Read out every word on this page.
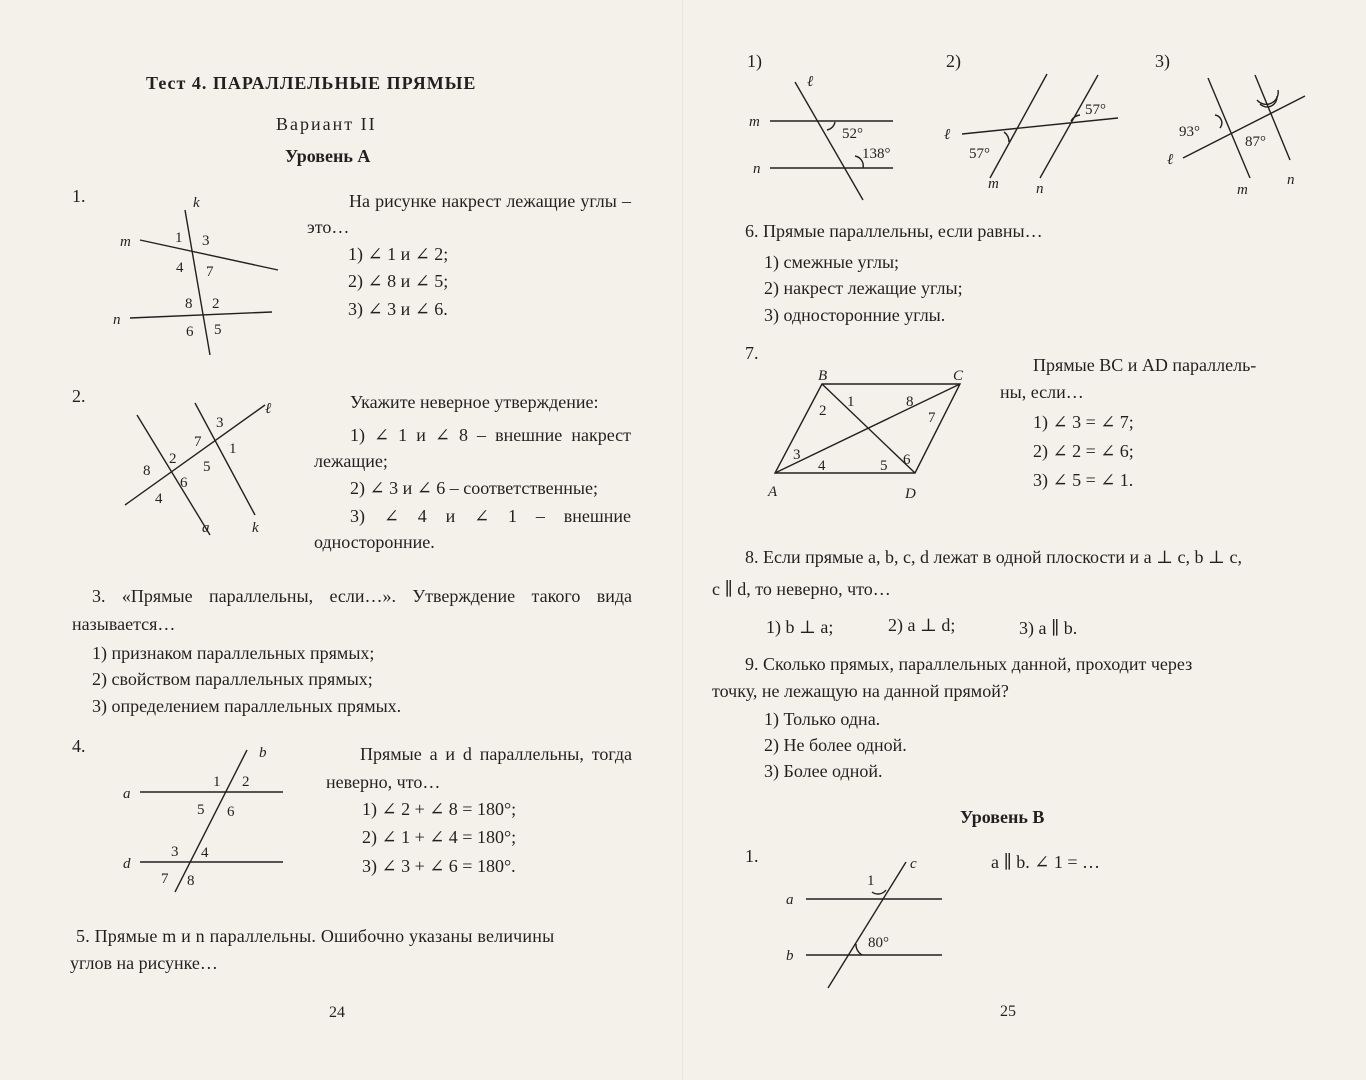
Тест 4. ПАРАЛЛЕЛЬНЫЕ ПРЯМЫЕ
Вариант II
Уровень А
1.	k
m
n
1 3
4 7
8 2
6 5
На рисунке накрест лежащие углы – это…
1) ∠ 1 и ∠ 2;
2) ∠ 8 и ∠ 5;
3) ∠ 3 и ∠ 6.
2.
ℓ
a	k
3
7 1
2 5
8
6
4
Укажите неверное утверждение:
1) ∠ 1 и ∠ 8 – внешние накрест лежащие;
2) ∠ 3 и ∠ 6 – соответственные;
3) ∠ 4 и ∠ 1 – внешние односторонние.
3. «Прямые параллельны, если…». Утверждение такого вида называется…
1) признаком параллельных прямых;
2) свойством параллельных прямых;
3) определением параллельных прямых.
4.	b
a
d
1 2
5 6
3 4
7 8
Прямые a и d параллельны, тогда неверно, что…
1) ∠ 2 + ∠ 8 = 180°;
2) ∠ 1 + ∠ 4 = 180°;
3) ∠ 3 + ∠ 6 = 180°.
5. Прямые m и n параллельны. Ошибочно указаны величины
углов на рисунке…
24
1)
ℓ
m
n
52°
138°
2)
ℓ
m n
57°
57°
3)
ℓ
m
n
93°
87°
6. Прямые параллельны, если равны…
1) смежные углы;
2) накрест лежащие углы;
3) односторонние углы.
7.
B	C
A	D
1
2
8
7
3
4	5 6
Прямые BC и AD параллель-
ны, если…
1) ∠ 3 = ∠ 7;
2) ∠ 2 = ∠ 6;
3) ∠ 5 = ∠ 1.
8. Если прямые a, b, c, d лежат в одной плоскости и a ⊥ c, b ⊥ c,
c ∥ d, то неверно, что…
1) b ⊥ a;	2) a ⊥ d;	3) a ∥ b.
9. Сколько прямых, параллельных данной, проходит через
точку, не лежащую на данной прямой?
1) Только одна.
2) Не более одной.
3) Более одной.
Уровень В
1.	c
a
b
1
80°
a ∥ b. ∠ 1 = …
25
